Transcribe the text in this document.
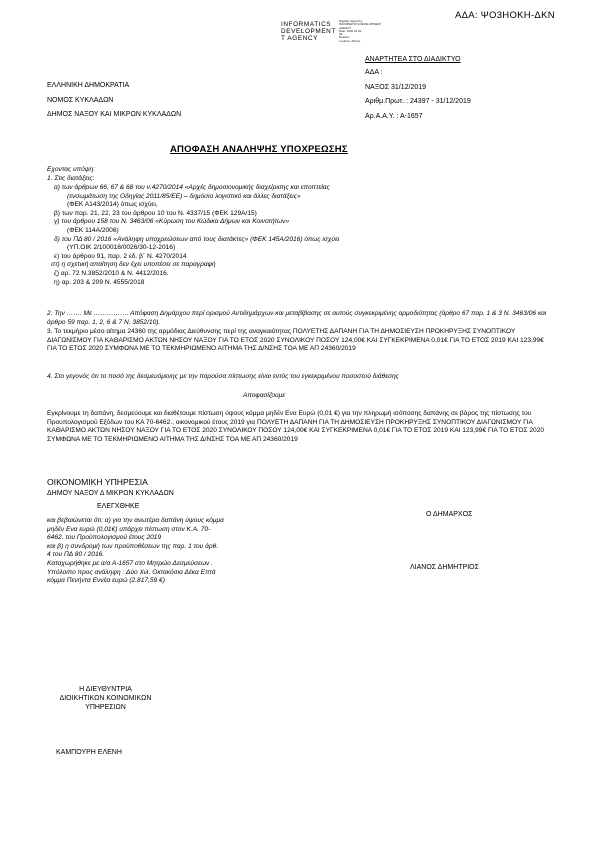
ΑΔΑ: ΨΟ3ΗΟΚΗ-ΔΚΝ
INFORMATICS
DEVELOPMENT
T AGENCY
Digitally signed by
INFORMATICS DEVELOPMENT
AGENCY
Date: 2020.01.02
09:
Reason:
Location: Athens
ΑΝΑΡΤΗΤΕΑ ΣΤΟ ΔΙΑΔΙΚΤΥΟ
ΕΛΛΗΝΙΚΗ ΔΗΜΟΚΡΑΤΙΑ
ΝΟΜΟΣ ΚΥΚΛΑΔΩΝ
ΔΗΜΟΣ ΝΑΞΟΥ ΚΑΙ ΜΙΚΡΩΝ ΚΥΚΛΑΔΩΝ
ΑΔΑ :
ΝΑΞΟΣ 31/12/2019
Αριθμ.Πρωτ. : 24397 - 31/12/2019
Αρ.Α.Α.Υ. : Α-1657
ΑΠΟΦΑΣΗ ΑΝΑΛΗΨΗΣ ΥΠΟΧΡΕΩΣΗΣ
Εχοντας υπόψη:
1. Στις διατάξεις:
α) των άρθρων 66, 67 & 68 του ν.4270/2014 «Αρχές δημοσιονομικής διαχείρισης και εποπτείας
(ενσωμάτωση της Οδηγίας 2011/85/ΕΕ) – δημόσιο λογιστικό και άλλες διατάξεις»
(ΦΕΚ Α143/2014) όπως ισχύει,
β) των παρ. 21, 22, 23 του άρθρου 10 του Ν. 4337/15 (ΦΕΚ 129Α/15)
γ) του άρθρου 158 του Ν. 3463/06 «Κύρωση του Κώδικα Δήμων και Κοινοτήτων»
(ΦΕΚ 114Α/2006)
δ) του ΠΔ 80 / 2016 «Ανάληψη υποχρεώσεων από τους διατάκτες» (ΦΕΚ 145Α/2016) όπως ισχύει
(ΥΠ.ΟΙΚ 2/100018/0026/30-12-2016)
ε) του άρθρου 91, παρ. 2 εδ. β΄ Ν. 4270/2014
στ) η σχετική απαίτηση δεν έχει υποπέσει σε παραγραφή
ζ) αρ. 72 Ν.3852/2010 & Ν. 4412/2016.
η) αρ. 203 & 209 Ν. 4555/2018
2. Την ……. Με ……………. Απόφαση Δημάρχου περί ορισμού Αντιδημάρχων και μεταβίβασης σε αυτούς συγκεκριμένης αρμοδιότητας (άρθρο 67 παρ. 1 & 3 Ν. 3463/06 και άρθρο 59 παρ. 1, 2, 6 & 7 Ν. 3852/10).
3. Το τεκμήριο μέσο αίτημα 24360 της αρμόδιας Διεύθυνσης περί της αναγκαιότητας ΠΟΛΥΕΤΗΣ ΔΑΠΑΝΗ ΓΙΑ ΤΗ ΔΗΜΟΣΙΕΥΣΗ ΠΡΟΚΗΡΥΞΗΣ ΣΥΝΟΠΤΙΚΟΥ ΔΙΑΓΩΝΙΣΜΟΥ ΓΙΑ ΚΑΘΑΡΙΣΜΟ ΑΚΤΩΝ ΝΗΣΟΥ ΝΑΞΟΥ ΓΙΑ ΤΟ ΕΤΟΣ 2020 ΣΥΝΟΛΙΚΟΥ ΠΟΣΟΥ 124,00€ ΚΑΙ ΣΥΓΚΕΚΡΙΜΕΝΑ 0,01€ ΓΙΑ ΤΟ ΕΤΟΣ 2019 ΚΑΙ 123,99€ ΓΙΑ ΤΟ ΕΤΟΣ 2020 ΣΥΜΦΩΝΑ ΜΕ ΤΟ ΤΕΚΜΗΡΙΩΜΕΝΟ ΑΙΤΗΜΑ ΤΗΣ Δ/ΝΣΗΣ ΤΟΑ ΜΕ ΑΠ 24360/2019
4. Στο γεγονός ότι το ποσό της δεσμευόμενης με την παρούσα πίστωσης είναι εντός του εγκεκριμένου ποσοστού διάθεσης
Αποφασίζουμε
Εγκρίνουμε τη δαπάνη, δεσμεύουμε και διαθέτουμε πίστωση ύψους κόμμα μηδέν Ενα Ευρώ (0,01 €) για την πληρωμή ισόποσης δαπάνης σε βάρος της πίστωσης του Προυπολογισμού Εξόδων του ΚΑ 70-6462., οικονομικού έτους 2019 για ΠΟΛΥΕΤΗ ΔΑΠΑΝΗ ΓΙΑ ΤΗ ΔΗΜΟΣΙΕΥΣΗ ΠΡΟΚΗΡΥΞΗΣ ΣΥΝΟΠΤΙΚΟΥ ΔΙΑΓΩΝΙΣΜΟΥ ΓΙΑ ΚΑΘΑΡΙΣΜΟ ΑΚΤΩΝ ΝΗΣΟΥ ΝΑΞΟΥ ΓΙΑ ΤΟ ΕΤΟΣ 2020 ΣΥΝΟΛΙΚΟΥ ΠΟΣΟΥ 124,00€ ΚΑΙ ΣΥΓΚΕΚΡΙΜΕΝΑ 0,01€ ΓΙΑ ΤΟ ΕΤΟΣ 2019 ΚΑΙ 123,99€ ΓΙΑ ΤΟ ΕΤΟΣ 2020 ΣΥΜΦΩΝΑ ΜΕ ΤΟ ΤΕΚΜΗΡΙΩΜΕΝΟ ΑΙΤΗΜΑ ΤΗΣ Δ/ΝΣΗΣ ΤΟΑ ΜΕ ΑΠ 24360/2019
ΟΙΚΟΝΟΜΙΚΗ ΥΠΗΡΕΣΙΑ
ΔΗΜΟΥ ΝΑΞΟΥ Δ ΜΙΚΡΩΝ ΚΥΚΛΑΔΩΝ
ΕΛΕΓΧΘΗΚΕ
και βεβαιώνεται ότι: α) για την ανωτέρα δαπάνη ύψους κόμμα
μηδέν Ενα ευρώ (0,01€) υπάρχει πίστωση στον Κ.Α. 70-
6462. του Προϋπολογισμού έτους 2019
και β) η συνδρομή των προϋποθέσεων της παρ. 1 του άρθ.
4 του ΠΔ 80 / 2016.
Καταχωρήθηκε με α/α Α-1657 στο Μητρώο Δεσμεύσεων .
Υπόλοιπο προς ανάληψη : Δύο Χιλ. Οκτακόσια Δέκα Επτά
κόμμα Πενήντα Εννέα ευρώ (2.817,59 €)
Ο ΔΗΜΑΡΧΟΣ
ΛΙΑΝΟΣ ΔΗΜΗΤΡΙΟΣ
Η ΔΙΕΥΘΥΝΤΡΙΑ
ΔΙΟΙΚΗΤΙΚΩΝ ΚΟΙΝΟΜΙΚΩΝ
ΥΠΗΡΕΣΙΩΝ
ΚΑΜΠΟΥΡΗ ΕΛΕΝΗ
